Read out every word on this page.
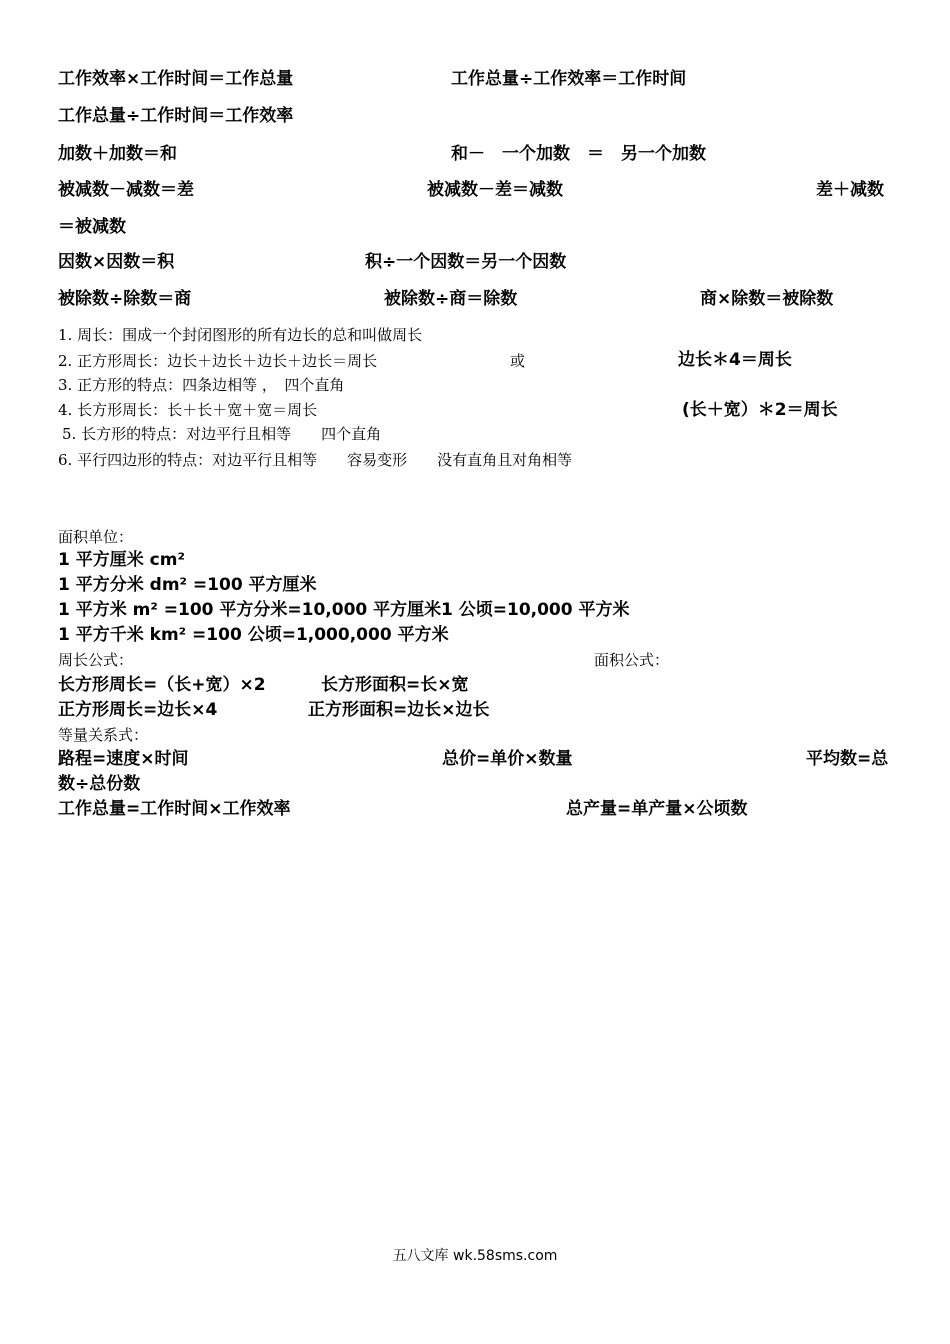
工作效率×工作时间＝工作总量	工作总量÷工作效率＝工作时间
工作总量÷工作时间＝工作效率
加数＋加数＝和	和－　一个加数　＝　另一个加数
被减数－减数＝差	被减数－差＝减数	差＋减数
＝被减数
因数×因数＝积	积÷一个因数＝另一个因数
被除数÷除数＝商	被除数÷商＝除数	商×除数＝被除数
1. 周长：围成一个封闭图形的所有边长的总和叫做周长
2. 正方形周长：边长＋边长＋边长＋边长＝周长	或	边长＊4＝周长
3. 正方形的特点：四条边相等 ，　四个直角
4. 长方形周长：长＋长＋宽＋宽＝周长	(长＋宽）＊2＝周长
5. 长方形的特点：对边平行且相等　　四个直角
6. 平行四边形的特点：对边平行且相等　　容易变形　　没有直角且对角相等
面积单位：
1 平方厘米 cm²
1 平方分米 dm² =100 平方厘米
1 平方米 m² =100 平方分米=10,000 平方厘米 1 公顷=10,000 平方米
1 平方千米 km² =100 公顷=1,000,000 平方米
周长公式：	面积公式：
长方形周长=（长+宽）×2	长方形面积=长×宽
正方形周长=边长×4	正方形面积=边长×边长
等量关系式：
路程=速度×时间	总价=单价×数量	平均数=总
数÷总份数
工作总量=工作时间×工作效率	总产量=单产量×公顷数
五八文库 wk.58sms.com
